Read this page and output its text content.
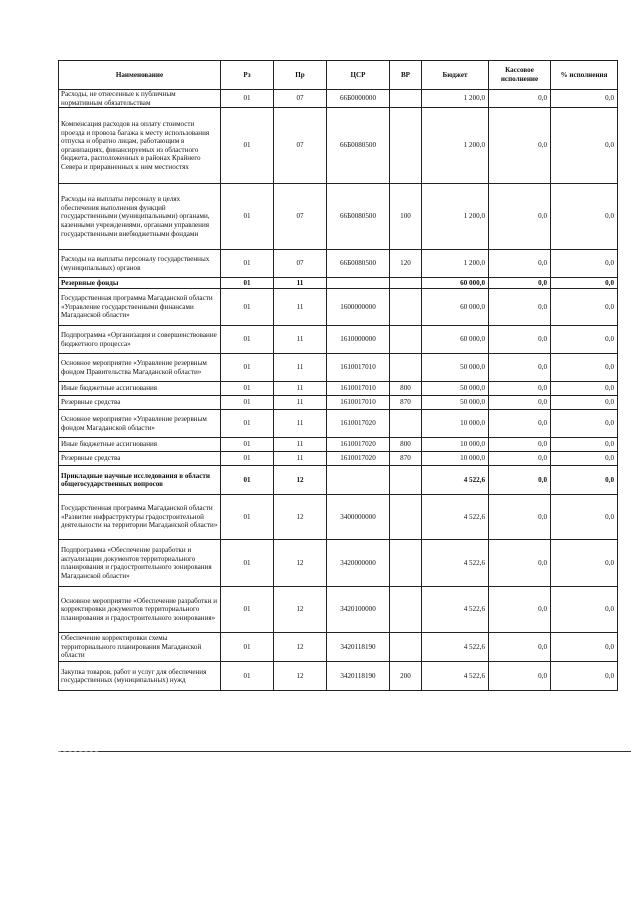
Наименование	Рз	Пр	ЦСР	ВР	Бюджет	Кассовое исполнение	% исполнения
Расходы, не отнесенные к публичным нормативным обязательствам	01	07	66Б0000000		1 200,0	0,0	0,0
Компенсация расходов на оплату стоимости проезда и провоза багажа к месту использования отпуска и обратно лицам, работающим в организациях, финансируемых из областного бюджета, расположенных в районах Крайнего Севера и приравненных к ним местностях	01	07	66Б0080500		1 200,0	0,0	0,0
Расходы на выплаты персоналу в целях обеспечения выполнения функций государственными (муниципальными) органами, казенными учреждениями, органами управления государственными внебюджетными фондами	01	07	66Б0080500	100	1 200,0	0,0	0,0
Расходы на выплаты персоналу государственных (муниципальных) органов	01	07	66Б0080500	120	1 200,0	0,0	0,0
Резервные фонды	01	11			60 000,0	0,0	0,0
Государственная программа Магаданской области «Управление государственными финансами Магаданской области»	01	11	1600000000		60 000,0	0,0	0,0
Подпрограмма «Организация и совершенствование бюджетного процесса»	01	11	1610000000		60 000,0	0,0	0,0
Основное мероприятие «Управление резервным фондом Правительства Магаданской области»	01	11	1610017010		50 000,0	0,0	0,0
Иные бюджетные ассигнования	01	11	1610017010	800	50 000,0	0,0	0,0
Резервные средства	01	11	1610017010	870	50 000,0	0,0	0,0
Основное мероприятие «Управление резервным фондом Магаданской области»	01	11	1610017020		10 000,0	0,0	0,0
Иные бюджетные ассигнования	01	11	1610017020	800	10 000,0	0,0	0,0
Резервные средства	01	11	1610017020	870	10 000,0	0,0	0,0
Прикладные научные исследования в области общегосударственных вопросов	01	12			4 522,6	0,0	0,0
Государственная программа Магаданской области «Развитие инфраструктуры градостроительной деятельности на территории Магаданской области»	01	12	3400000000		4 522,6	0,0	0,0
Подпрограмма «Обеспечение разработки и актуализации документов территориального планирования и градостроительного зонирования Магаданской области»	01	12	3420000000		4 522,6	0,0	0,0
Основное мероприятие «Обеспечение разработки и корректировки документов территориального планирования и градостроительного зонирования»	01	12	3420100000		4 522,6	0,0	0,0
Обеспечение корректировки схемы территориального планирования Магаданской области	01	12	3420118190		4 522,6	0,0	0,0
Закупка товаров, работ и услуг для обеспечения государственных (муниципальных) нужд	01	12	3420118190	200	4 522,6	0,0	0,0
